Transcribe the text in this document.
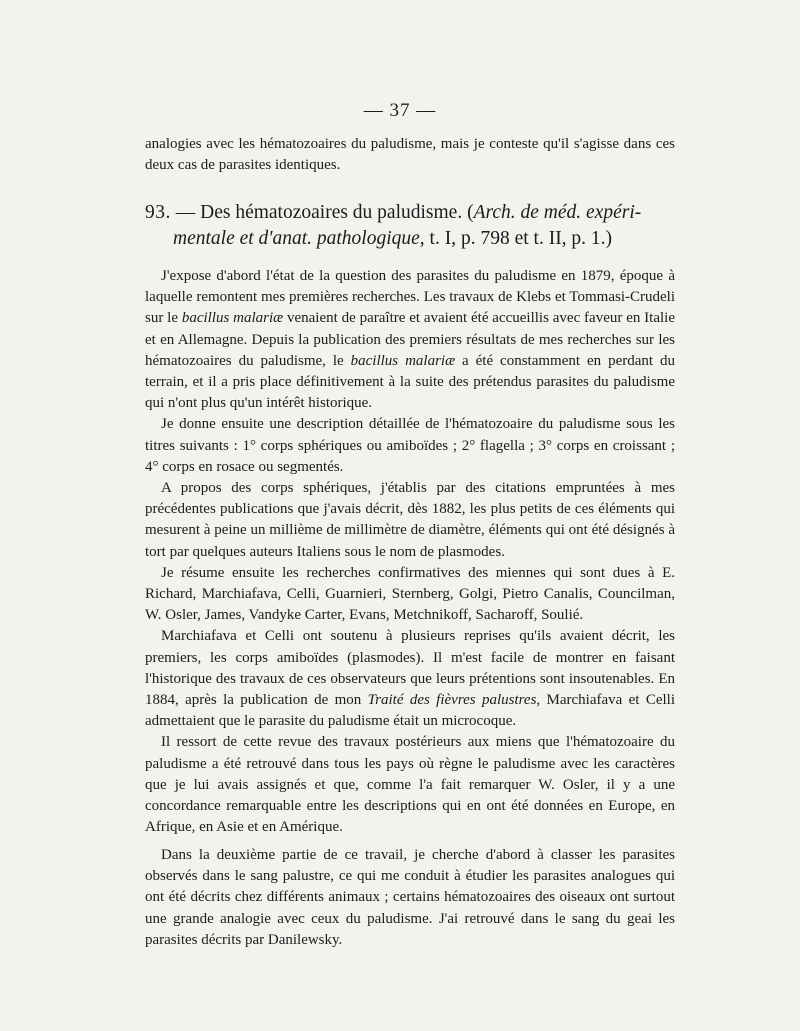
— 37 —

analogies avec les hématozoaires du paludisme, mais je conteste qu'il s'agisse dans ces deux cas de parasites identiques.

93. — Des hématozoaires du paludisme. (Arch. de méd. expéri-
mentale et d'anat. pathologique, t. I, p. 798 et t. II, p. 1.)

J'expose d'abord l'état de la question des parasites du paludisme en 1879, époque à laquelle remontent mes premières recherches. Les travaux de Klebs et Tommasi-Crudeli sur le bacillus malariæ venaient de paraître et avaient été accueillis avec faveur en Italie et en Allemagne. Depuis la publication des premiers résultats de mes recherches sur les hématozoaires du paludisme, le bacillus malariæ a été constamment en perdant du terrain, et il a pris place définitivement à la suite des prétendus parasites du paludisme qui n'ont plus qu'un intérêt historique.

Je donne ensuite une description détaillée de l'hématozoaire du paludisme sous les titres suivants : 1° corps sphériques ou amiboïdes ; 2° flagella ; 3° corps en croissant ; 4° corps en rosace ou segmentés.

A propos des corps sphériques, j'établis par des citations empruntées à mes précédentes publications que j'avais décrit, dès 1882, les plus petits de ces éléments qui mesurent à peine un millième de millimètre de diamètre, éléments qui ont été désignés à tort par quelques auteurs Italiens sous le nom de plasmodes.

Je résume ensuite les recherches confirmatives des miennes qui sont dues à E. Richard, Marchiafava, Celli, Guarnieri, Sternberg, Golgi, Pietro Canalis, Councilman, W. Osler, James, Vandyke Carter, Evans, Metchnikoff, Sacharoff, Soulié.

Marchiafava et Celli ont soutenu à plusieurs reprises qu'ils avaient décrit, les premiers, les corps amiboïdes (plasmodes). Il m'est facile de montrer en faisant l'historique des travaux de ces observateurs que leurs prétentions sont insoutenables. En 1884, après la publication de mon Traité des fièvres palustres, Marchiafava et Celli admettaient que le parasite du paludisme était un microcoque.

Il ressort de cette revue des travaux postérieurs aux miens que l'hématozoaire du paludisme a été retrouvé dans tous les pays où règne le paludisme avec les caractères que je lui avais assignés et que, comme l'a fait remarquer W. Osler, il y a une concordance remarquable entre les descriptions qui en ont été données en Europe, en Afrique, en Asie et en Amérique.

Dans la deuxième partie de ce travail, je cherche d'abord à classer les parasites observés dans le sang palustre, ce qui me conduit à étudier les parasites analogues qui ont été décrits chez différents animaux ; certains hématozoaires des oiseaux ont surtout une grande analogie avec ceux du paludisme. J'ai retrouvé dans le sang du geai les parasites décrits par Danilewsky.
